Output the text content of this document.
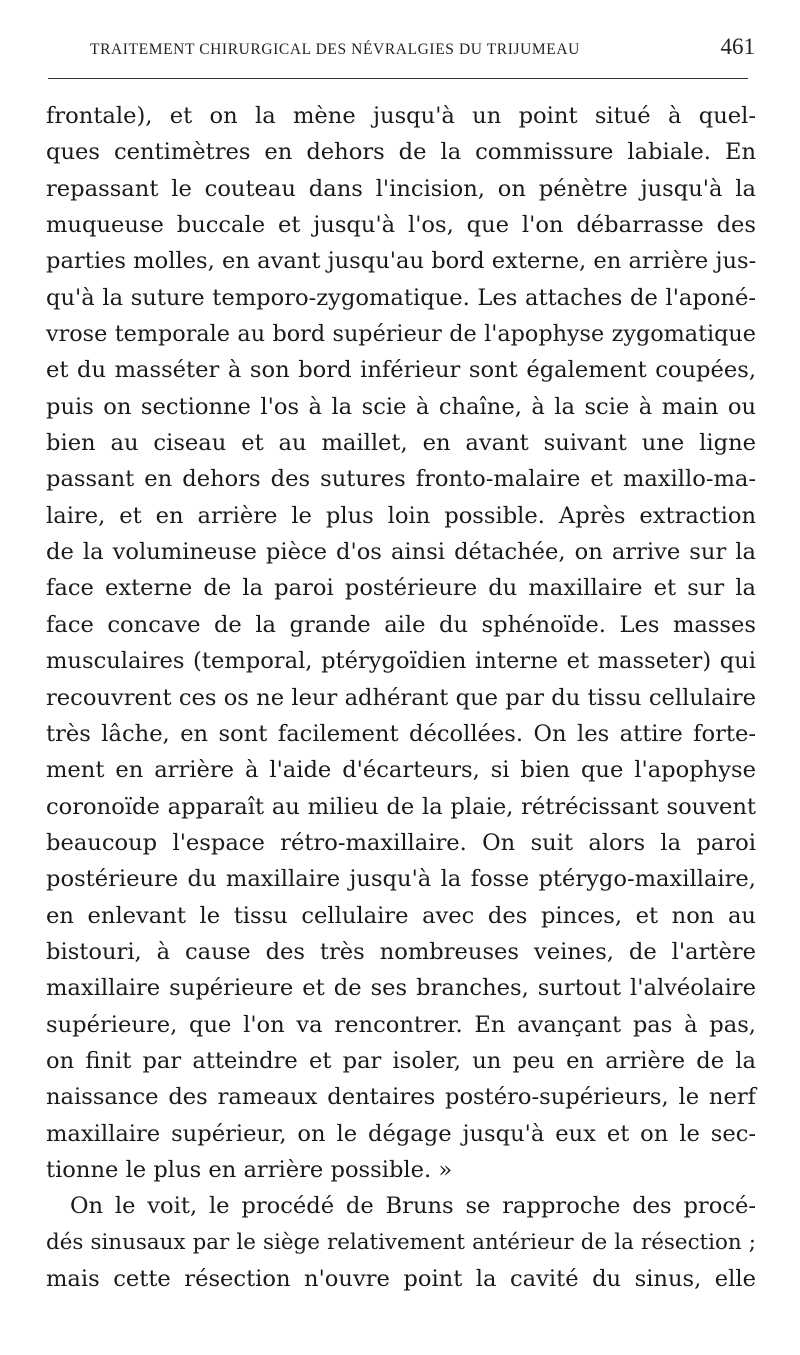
TRAITEMENT CHIRURGICAL DES NÉVRALGIES DU TRIJUMEAU	461
frontale), et on la mène jusqu'à un point situé à quel-
ques centimètres en dehors de la commissure labiale. En
repassant le couteau dans l'incision, on pénètre jusqu'à la
muqueuse buccale et jusqu'à l'os, que l'on débarrasse des
parties molles, en avant jusqu'au bord externe, en arrière jus-
qu'à la suture temporo-zygomatique. Les attaches de l'aponé-
vrose temporale au bord supérieur de l'apophyse zygomatique
et du masséter à son bord inférieur sont également coupées,
puis on sectionne l'os à la scie à chaîne, à la scie à main ou
bien au ciseau et au maillet, en avant suivant une ligne
passant en dehors des sutures fronto-malaire et maxillo-ma-
laire, et en arrière le plus loin possible. Après extraction
de la volumineuse pièce d'os ainsi détachée, on arrive sur la
face externe de la paroi postérieure du maxillaire et sur la
face concave de la grande aile du sphénoïde. Les masses
musculaires (temporal, ptérygoïdien interne et masseter) qui
recouvrent ces os ne leur adhérant que par du tissu cellulaire
très lâche, en sont facilement décollées. On les attire forte-
ment en arrière à l'aide d'écarteurs, si bien que l'apophyse
coronoïde apparaît au milieu de la plaie, rétrécissant souvent
beaucoup l'espace rétro-maxillaire. On suit alors la paroi
postérieure du maxillaire jusqu'à la fosse ptérygo-maxillaire,
en enlevant le tissu cellulaire avec des pinces, et non au
bistouri, à cause des très nombreuses veines, de l'artère
maxillaire supérieure et de ses branches, surtout l'alvéolaire
supérieure, que l'on va rencontrer. En avançant pas à pas,
on finit par atteindre et par isoler, un peu en arrière de la
naissance des rameaux dentaires postéro-supérieurs, le nerf
maxillaire supérieur, on le dégage jusqu'à eux et on le sec-
tionne le plus en arrière possible. »
On le voit, le procédé de Bruns se rapproche des procé-
dés sinusaux par le siège relativement antérieur de la résection ;
mais cette résection n'ouvre point la cavité du sinus, elle
